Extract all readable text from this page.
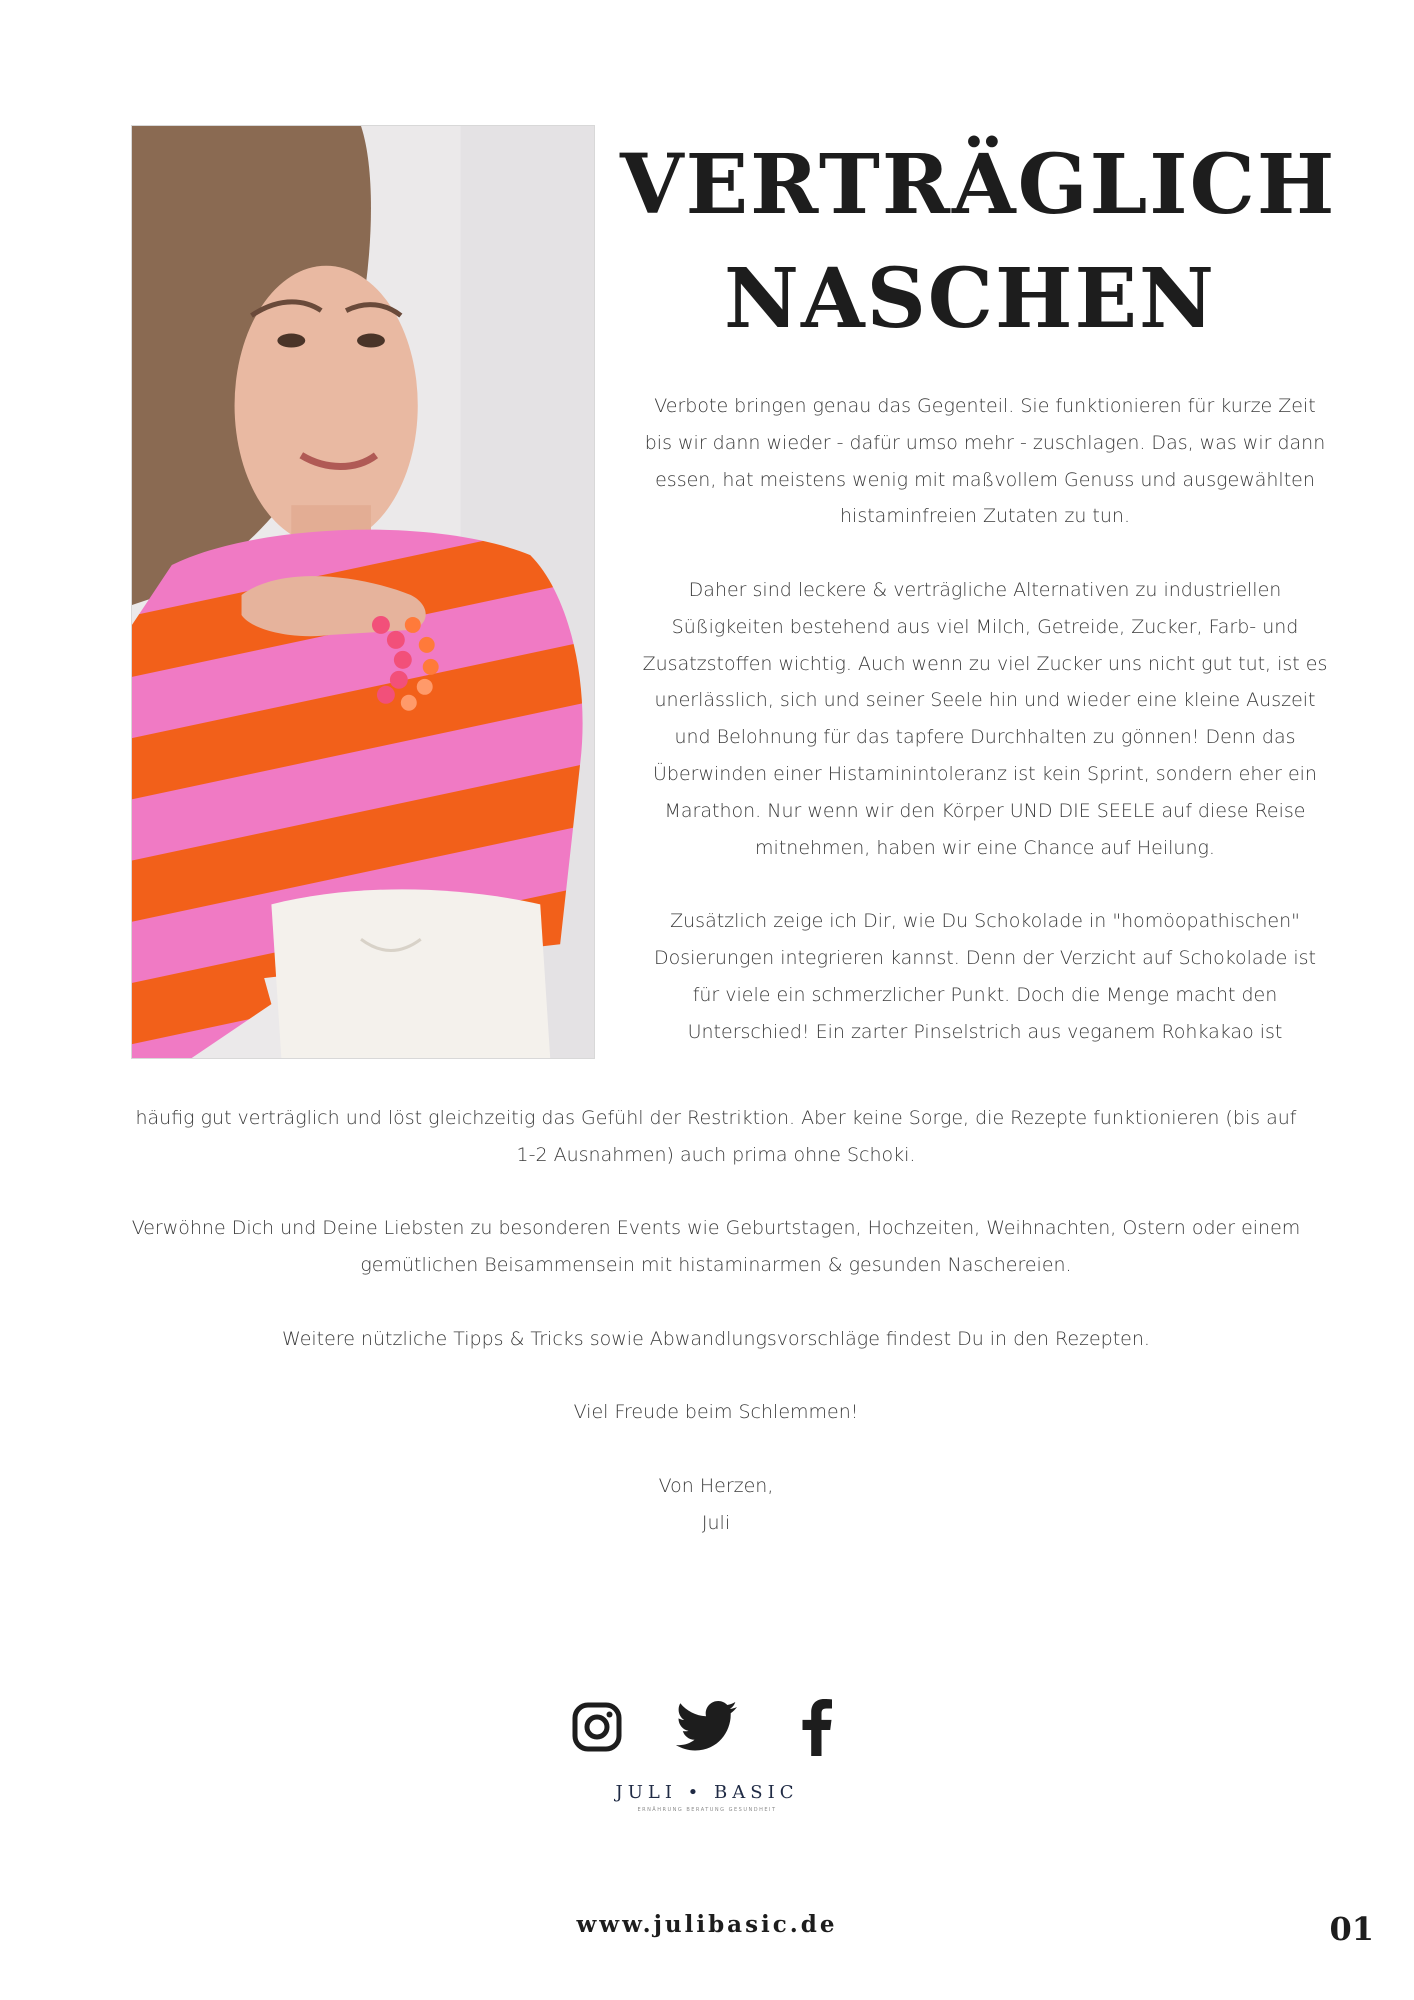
VERTRÄGLICH
NASCHEN

Verbote bringen genau das Gegenteil. Sie funktionieren für kurze Zeit bis wir dann wieder - dafür umso mehr - zuschlagen. Das, was wir dann essen, hat meistens wenig mit maßvollem Genuss und ausgewählten histaminfreien Zutaten zu tun.

Daher sind leckere & verträgliche Alternativen zu industriellen Süßigkeiten bestehend aus viel Milch, Getreide, Zucker, Farb- und Zusatzstoffen wichtig. Auch wenn zu viel Zucker uns nicht gut tut, ist es unerlässlich, sich und seiner Seele hin und wieder eine kleine Auszeit und Belohnung für das tapfere Durchhalten zu gönnen! Denn das Überwinden einer Histaminintoleranz ist kein Sprint, sondern eher ein Marathon. Nur wenn wir den Körper UND DIE SEELE auf diese Reise mitnehmen, haben wir eine Chance auf Heilung.

Zusätzlich zeige ich Dir, wie Du Schokolade in "homöopathischen" Dosierungen integrieren kannst. Denn der Verzicht auf Schokolade ist für viele ein schmerzlicher Punkt. Doch die Menge macht den Unterschied! Ein zarter Pinselstrich aus veganem Rohkakao ist

häufig gut verträglich und löst gleichzeitig das Gefühl der Restriktion. Aber keine Sorge, die Rezepte funktionieren (bis auf 1-2 Ausnahmen) auch prima ohne Schoki.

Verwöhne Dich und Deine Liebsten zu besonderen Events wie Geburtstagen, Hochzeiten, Weihnachten, Ostern oder einem gemütlichen Beisammensein mit histaminarmen & gesunden Naschereien.

Weitere nützliche Tipps & Tricks sowie Abwandlungsvorschläge findest Du in den Rezepten.

Viel Freude beim Schlemmen!

Von Herzen,

Juli

JULI • BASIC
ERNÄHRUNG BERATUNG GESUNDHEIT
www.julibasic.de	01
